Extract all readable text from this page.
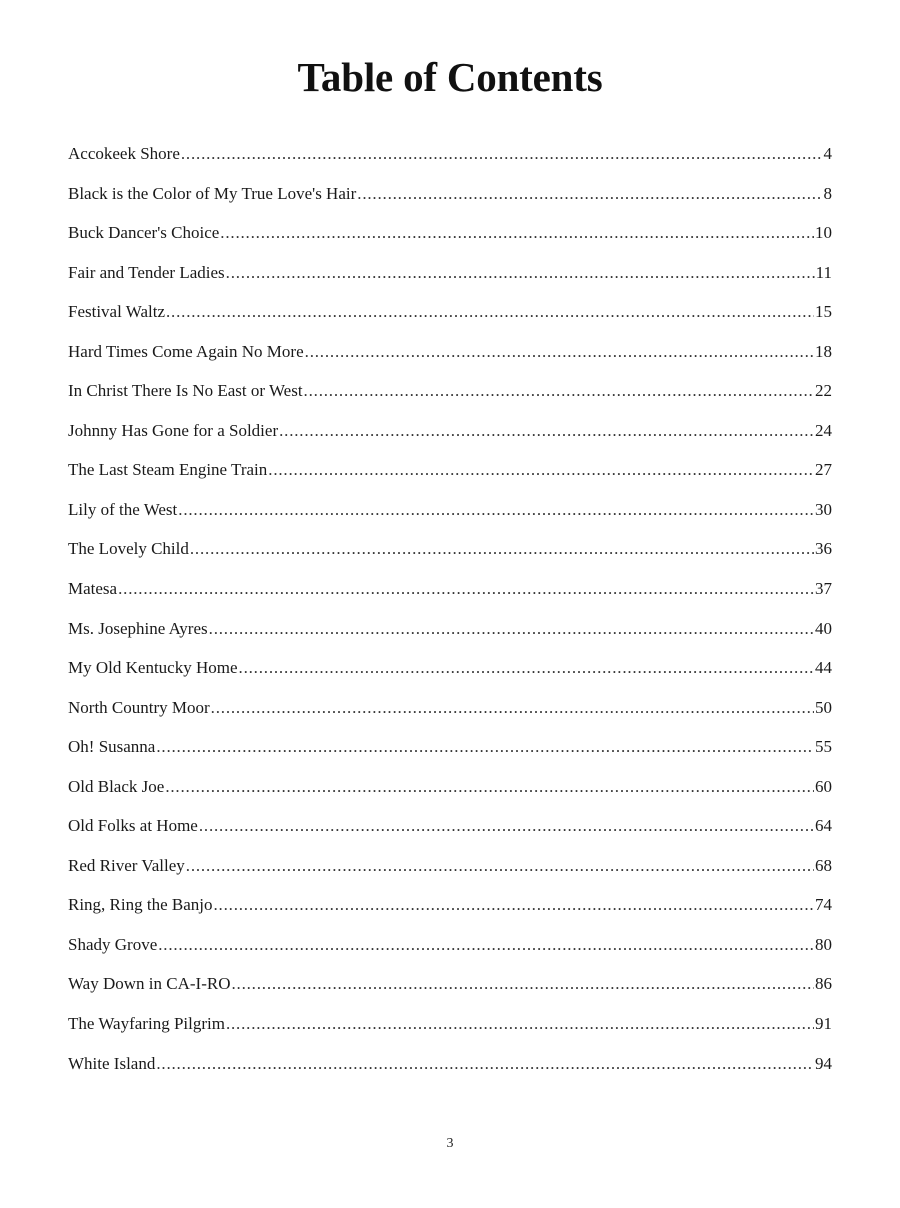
Table of Contents
Accokeek Shore .....	4
Black is the Color of My True Love's Hair .....	8
Buck Dancer's Choice .....	10
Fair and Tender Ladies .....	11
Festival Waltz .....	15
Hard Times Come Again No More .....	18
In Christ There Is No East or West .....	22
Johnny Has Gone for a Soldier .....	24
The Last Steam Engine Train .....	27
Lily of the West .....	30
The Lovely Child .....	36
Matesa .....	37
Ms. Josephine Ayres .....	40
My Old Kentucky Home .....	44
North Country Moor .....	50
Oh! Susanna .....	55
Old Black Joe .....	60
Old Folks at Home .....	64
Red River Valley .....	68
Ring, Ring the Banjo .....	74
Shady Grove .....	80
Way Down in CA-I-RO .....	86
The Wayfaring Pilgrim .....	91
White Island .....	94
3
